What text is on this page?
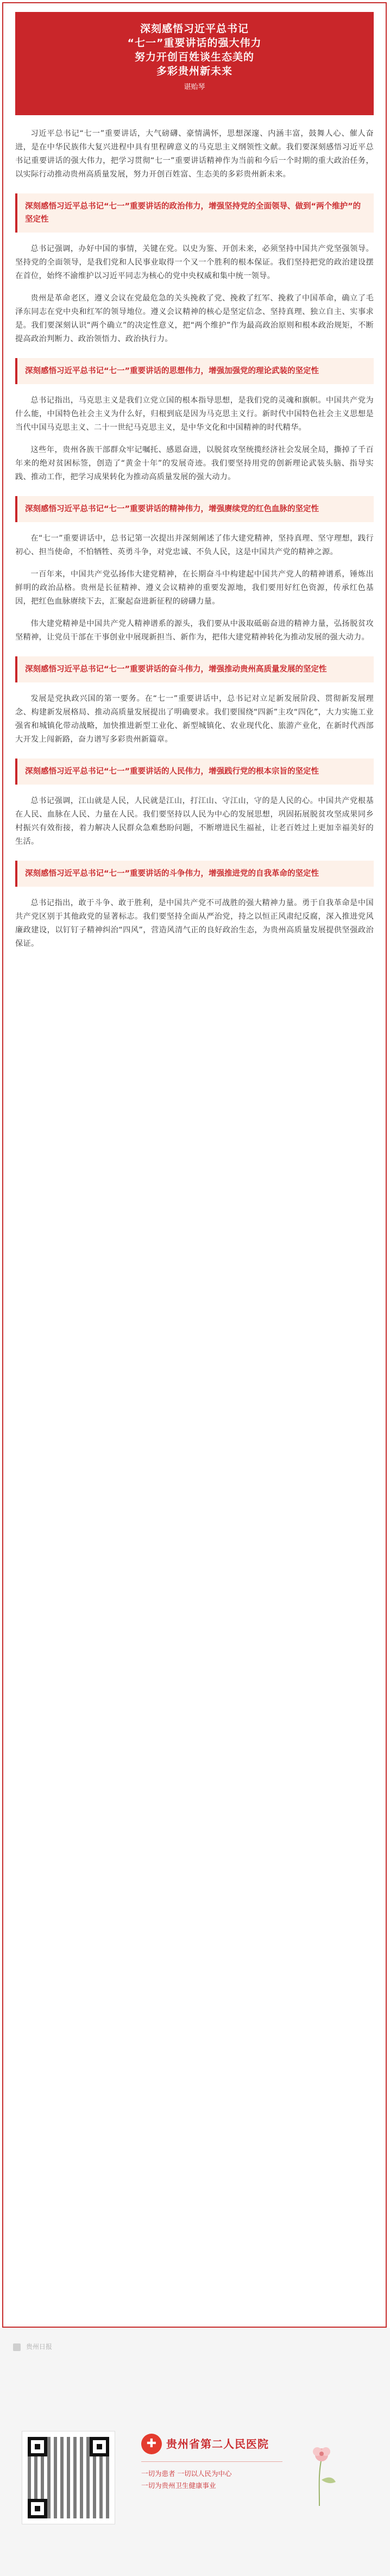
深刻感悟习近平总书记
“七一”重要讲话的强大伟力
努力开创百姓谈生态美的
多彩贵州新未来
谌贻琴

习近平总书记“七一”重要讲话，大气磅礴、豪情满怀，思想深邃、内涵丰富，鼓舞人心、催人奋进，是在中华民族伟大复兴进程中具有里程碑意义的马克思主义纲领性文献。我们要深刻感悟习近平总书记重要讲话的强大伟力，把学习贯彻“七一”重要讲话精神作为当前和今后一个时期的重大政治任务，以实际行动推动贵州高质量发展，努力开创百姓富、生态美的多彩贵州新未来。

深刻感悟习近平总书记“七一”重要讲话的政治伟力，增强坚持党的全面领导、做到“两个维护”的坚定性

总书记强调，办好中国的事情，关键在党。以史为鉴、开创未来，必须坚持中国共产党坚强领导。坚持党的全面领导，是我们党和人民事业取得一个又一个胜利的根本保证。我们坚持把党的政治建设摆在首位，始终不渝维护以习近平同志为核心的党中央权威和集中统一领导。

贵州是革命老区，遵义会议在党最危急的关头挽救了党、挽救了红军、挽救了中国革命，确立了毛泽东同志在党中央和红军的领导地位。遵义会议精神的核心是坚定信念、坚持真理、独立自主、实事求是。我们要深刻认识“两个确立”的决定性意义，把“两个维护”作为最高政治原则和根本政治规矩，不断提高政治判断力、政治领悟力、政治执行力。

深刻感悟习近平总书记“七一”重要讲话的思想伟力，增强加强党的理论武装的坚定性

总书记指出，马克思主义是我们立党立国的根本指导思想，是我们党的灵魂和旗帜。中国共产党为什么能，中国特色社会主义为什么好，归根到底是因为马克思主义行。新时代中国特色社会主义思想是当代中国马克思主义、二十一世纪马克思主义，是中华文化和中国精神的时代精华。

这些年，贵州各族干部群众牢记嘱托、感恩奋进，以脱贫攻坚统揽经济社会发展全局，撕掉了千百年来的绝对贫困标签，创造了“黄金十年”的发展奇迹。我们要坚持用党的创新理论武装头脑、指导实践、推动工作，把学习成果转化为推动高质量发展的强大动力。

深刻感悟习近平总书记“七一”重要讲话的精神伟力，增强赓续党的红色血脉的坚定性

在“七一”重要讲话中，总书记第一次提出并深刻阐述了伟大建党精神，坚持真理、坚守理想，践行初心、担当使命，不怕牺牲、英勇斗争，对党忠诚、不负人民，这是中国共产党的精神之源。

一百年来，中国共产党弘扬伟大建党精神，在长期奋斗中构建起中国共产党人的精神谱系，锤炼出鲜明的政治品格。贵州是长征精神、遵义会议精神的重要发源地，我们要用好红色资源，传承红色基因，把红色血脉赓续下去，汇聚起奋进新征程的磅礴力量。

伟大建党精神是中国共产党人精神谱系的源头，我们要从中汲取砥砺奋进的精神力量，弘扬脱贫攻坚精神，让党员干部在干事创业中展现新担当、新作为，把伟大建党精神转化为推动发展的强大动力。

深刻感悟习近平总书记“七一”重要讲话的奋斗伟力，增强推动贵州高质量发展的坚定性

发展是党执政兴国的第一要务。在“七一”重要讲话中，总书记对立足新发展阶段、贯彻新发展理念、构建新发展格局、推动高质量发展提出了明确要求。我们要围绕“四新”主攻“四化”，大力实施工业强省和城镇化带动战略，加快推进新型工业化、新型城镇化、农业现代化、旅游产业化，在新时代西部大开发上闯新路，奋力谱写多彩贵州新篇章。

深刻感悟习近平总书记“七一”重要讲话的人民伟力，增强践行党的根本宗旨的坚定性

总书记强调，江山就是人民，人民就是江山，打江山、守江山，守的是人民的心。中国共产党根基在人民、血脉在人民、力量在人民。我们要坚持以人民为中心的发展思想，巩固拓展脱贫攻坚成果同乡村振兴有效衔接，着力解决人民群众急难愁盼问题，不断增进民生福祉，让老百姓过上更加幸福美好的生活。

深刻感悟习近平总书记“七一”重要讲话的斗争伟力，增强推进党的自我革命的坚定性

总书记指出，敢于斗争、敢于胜利，是中国共产党不可战胜的强大精神力量。勇于自我革命是中国共产党区别于其他政党的显著标志。我们要坚持全面从严治党，持之以恒正风肃纪反腐，深入推进党风廉政建设，以钉钉子精神纠治“四风”，营造风清气正的良好政治生态，为贵州高质量发展提供坚强政治保证。

贵州日报
✚ 贵州省第二人民医院
一切为患者 一切以人民为中心
一切为贵州卫生健康事业
